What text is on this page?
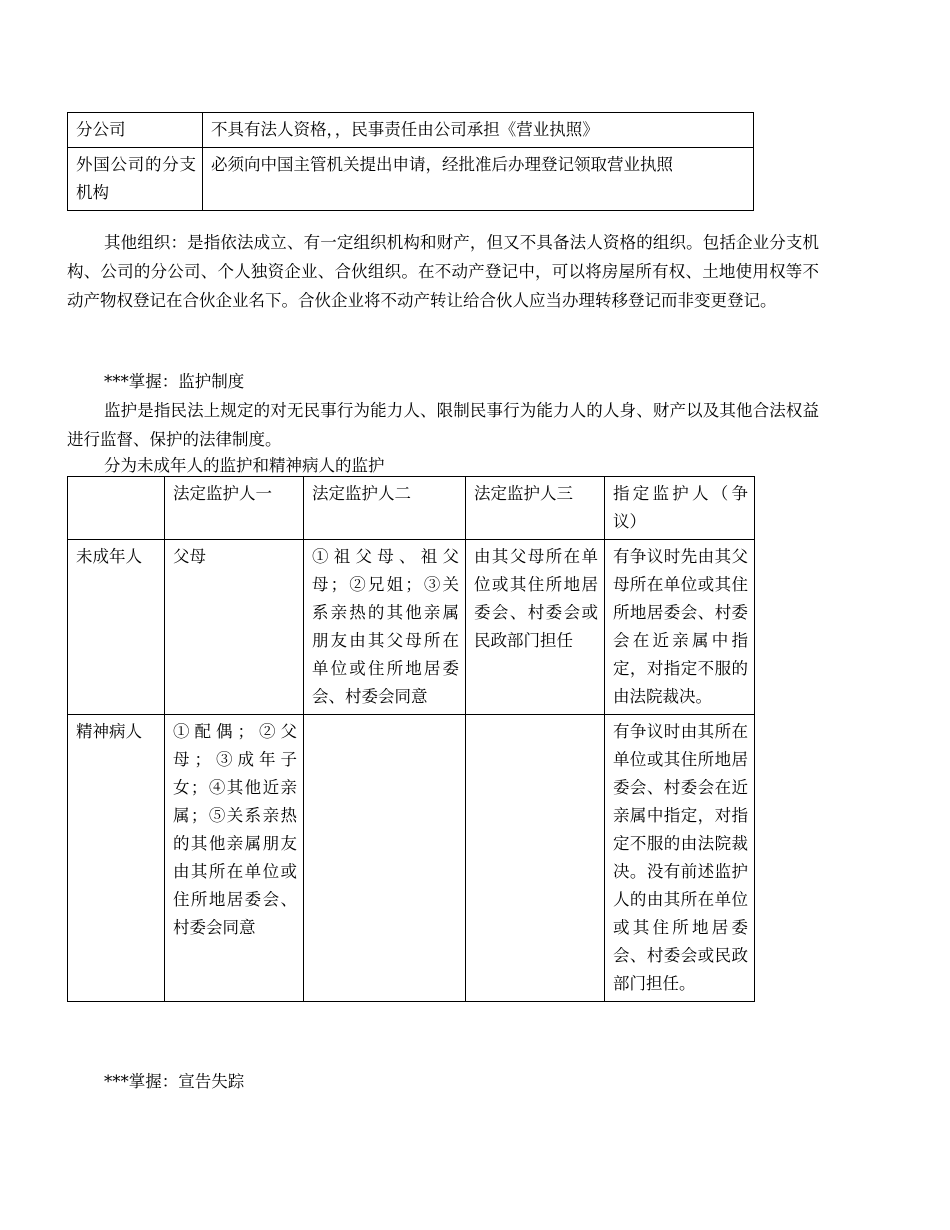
分公司	不具有法人资格，，民事责任由公司承担《营业执照》
外国公司的分支机构	必须向中国主管机关提出申请，经批准后办理登记领取营业执照
其他组织：是指依法成立、有一定组织机构和财产，但又不具备法人资格的组织。包括企业分支机构、公司的分公司、个人独资企业、合伙组织。在不动产登记中，可以将房屋所有权、土地使用权等不动产物权登记在合伙企业名下。合伙企业将不动产转让给合伙人应当办理转移登记而非变更登记。
***掌握：监护制度
监护是指民法上规定的对无民事行为能力人、限制民事行为能力人的人身、财产以及其他合法权益进行监督、保护的法律制度。
分为未成年人的监护和精神病人的监护
	法定监护人一	法定监护人二	法定监护人三	指定监护人（争议）
未成年人	父母	①祖父母、祖父母；②兄姐；③关系亲热的其他亲属朋友由其父母所在单位或住所地居委会、村委会同意	由其父母所在单位或其住所地居委会、村委会或民政部门担任	有争议时先由其父母所在单位或其住所地居委会、村委会在近亲属中指定，对指定不服的由法院裁决。
精神病人	①配偶；②父母；③成年子女；④其他近亲属；⑤关系亲热的其他亲属朋友由其所在单位或住所地居委会、村委会同意			有争议时由其所在单位或其住所地居委会、村委会在近亲属中指定，对指定不服的由法院裁决。没有前述监护人的由其所在单位或其住所地居委会、村委会或民政部门担任。
***掌握：宣告失踪
